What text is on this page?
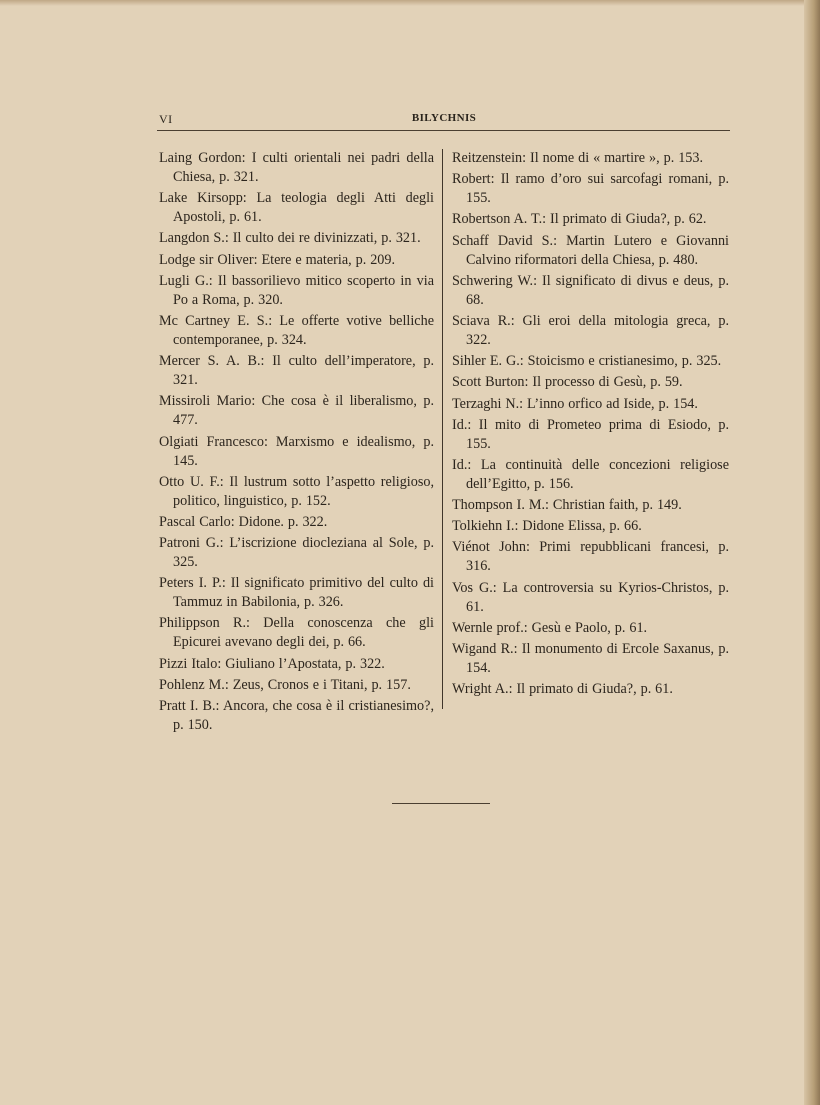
VI	BILYCHNIS

Laing Gordon: I culti orientali nei padri della Chiesa, p. 321.

Lake Kirsopp: La teologia degli Atti degli Apostoli, p. 61.

Langdon S.: Il culto dei re divinizzati, p. 321.

Lodge sir Oliver: Etere e materia, p. 209.

Lugli G.: Il bassorilievo mitico scoperto in via Po a Roma, p. 320.

Mc Cartney E. S.: Le offerte votive belliche contemporanee, p. 324.

Mercer S. A. B.: Il culto dell’imperatore, p. 321.

Missiroli Mario: Che cosa è il liberalismo, p. 477.

Olgiati Francesco: Marxismo e idealismo, p. 145.

Otto U. F.: Il lustrum sotto l’aspetto religioso, politico, linguistico, p. 152.

Pascal Carlo: Didone. p. 322.

Patroni G.: L’iscrizione diocleziana al Sole, p. 325.

Peters I. P.: Il significato primitivo del culto di Tammuz in Babilonia, p. 326.

Philippson R.: Della conoscenza che gli Epicurei avevano degli dei, p. 66.

Pizzi Italo: Giuliano l’Apostata, p. 322.

Pohlenz M.: Zeus, Cronos e i Titani, p. 157.

Pratt I. B.: Ancora, che cosa è il cristianesimo?, p. 150.

Reitzenstein: Il nome di « martire », p. 153.

Robert: Il ramo d’oro sui sarcofagi romani, p. 155.

Robertson A. T.: Il primato di Giuda?, p. 62.

Schaff David S.: Martin Lutero e Giovanni Calvino riformatori della Chiesa, p. 480.

Schwering W.: Il significato di divus e deus, p. 68.

Sciava R.: Gli eroi della mitologia greca, p. 322.

Sihler E. G.: Stoicismo e cristianesimo, p. 325.

Scott Burton: Il processo di Gesù, p. 59.

Terzaghi N.: L’inno orfico ad Iside, p. 154.

Id.: Il mito di Prometeo prima di Esiodo, p. 155.

Id.: La continuità delle concezioni religiose dell’Egitto, p. 156.

Thompson I. M.: Christian faith, p. 149.

Tolkiehn I.: Didone Elissa, p. 66.

Viénot John: Primi repubblicani francesi, p. 316.

Vos G.: La controversia su Kyrios-Christos, p. 61.

Wernle prof.: Gesù e Paolo, p. 61.

Wigand R.: Il monumento di Ercole Saxanus, p. 154.

Wright A.: Il primato di Giuda?, p. 61.
